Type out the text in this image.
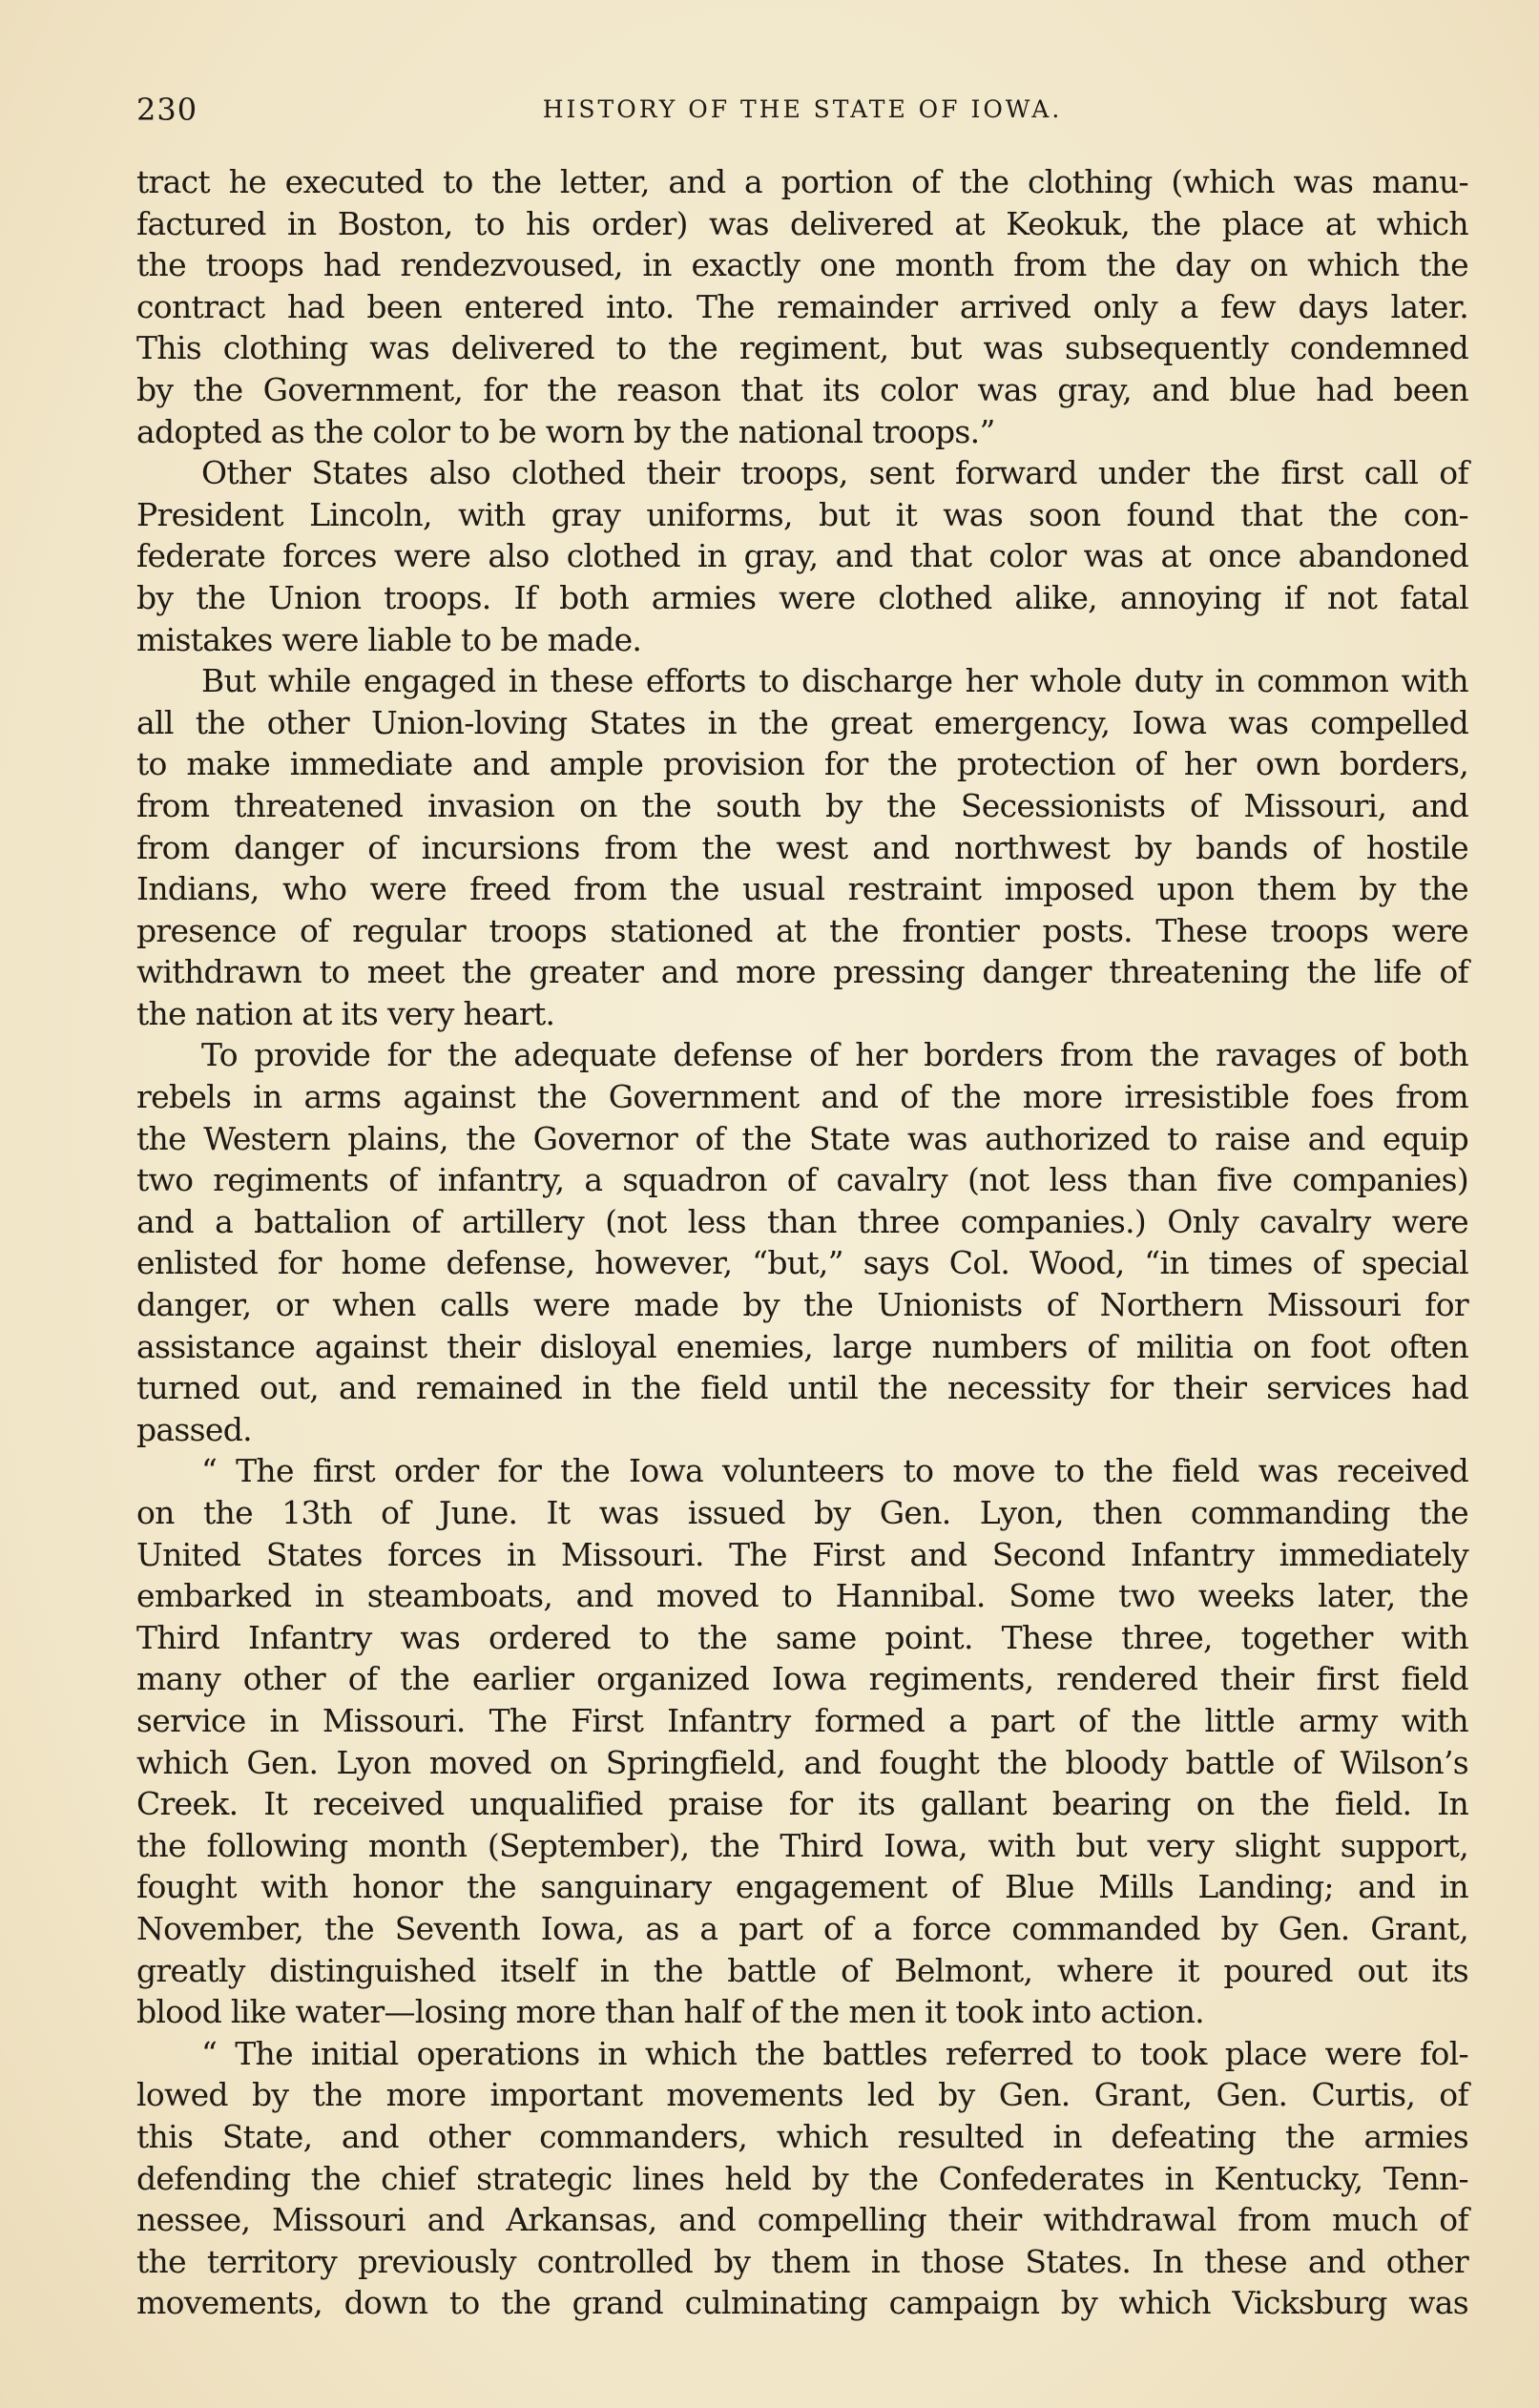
230	HISTORY OF THE STATE OF IOWA.
tract he executed to the letter, and a portion of the clothing (which was manu-
factured in Boston, to his order) was delivered at Keokuk, the place at which
the troops had rendezvoused, in exactly one month from the day on which the
contract had been entered into. The remainder arrived only a few days later.
This clothing was delivered to the regiment, but was subsequently condemned
by the Government, for the reason that its color was gray, and blue had been
adopted as the color to be worn by the national troops.”
Other States also clothed their troops, sent forward under the first call of
President Lincoln, with gray uniforms, but it was soon found that the con-
federate forces were also clothed in gray, and that color was at once abandoned
by the Union troops. If both armies were clothed alike, annoying if not fatal
mistakes were liable to be made.
But while engaged in these efforts to discharge her whole duty in common with
all the other Union-loving States in the great emergency, Iowa was compelled
to make immediate and ample provision for the protection of her own borders,
from threatened invasion on the south by the Secessionists of Missouri, and
from danger of incursions from the west and northwest by bands of hostile
Indians, who were freed from the usual restraint imposed upon them by the
presence of regular troops stationed at the frontier posts. These troops were
withdrawn to meet the greater and more pressing danger threatening the life of
the nation at its very heart.
To provide for the adequate defense of her borders from the ravages of both
rebels in arms against the Government and of the more irresistible foes from
the Western plains, the Governor of the State was authorized to raise and equip
two regiments of infantry, a squadron of cavalry (not less than five companies)
and a battalion of artillery (not less than three companies.) Only cavalry were
enlisted for home defense, however, “but,” says Col. Wood, “in times of special
danger, or when calls were made by the Unionists of Northern Missouri for
assistance against their disloyal enemies, large numbers of militia on foot often
turned out, and remained in the field until the necessity for their services had
passed.
“ The first order for the Iowa volunteers to move to the field was received
on the 13th of June. It was issued by Gen. Lyon, then commanding the
United States forces in Missouri. The First and Second Infantry immediately
embarked in steamboats, and moved to Hannibal. Some two weeks later, the
Third Infantry was ordered to the same point. These three, together with
many other of the earlier organized Iowa regiments, rendered their first field
service in Missouri. The First Infantry formed a part of the little army with
which Gen. Lyon moved on Springfield, and fought the bloody battle of Wilson’s
Creek. It received unqualified praise for its gallant bearing on the field. In
the following month (September), the Third Iowa, with but very slight support,
fought with honor the sanguinary engagement of Blue Mills Landing; and in
November, the Seventh Iowa, as a part of a force commanded by Gen. Grant,
greatly distinguished itself in the battle of Belmont, where it poured out its
blood like water—losing more than half of the men it took into action.
“ The initial operations in which the battles referred to took place were fol-
lowed by the more important movements led by Gen. Grant, Gen. Curtis, of
this State, and other commanders, which resulted in defeating the armies
defending the chief strategic lines held by the Confederates in Kentucky, Tenn-
nessee, Missouri and Arkansas, and compelling their withdrawal from much of
the territory previously controlled by them in those States. In these and other
movements, down to the grand culminating campaign by which Vicksburg was
